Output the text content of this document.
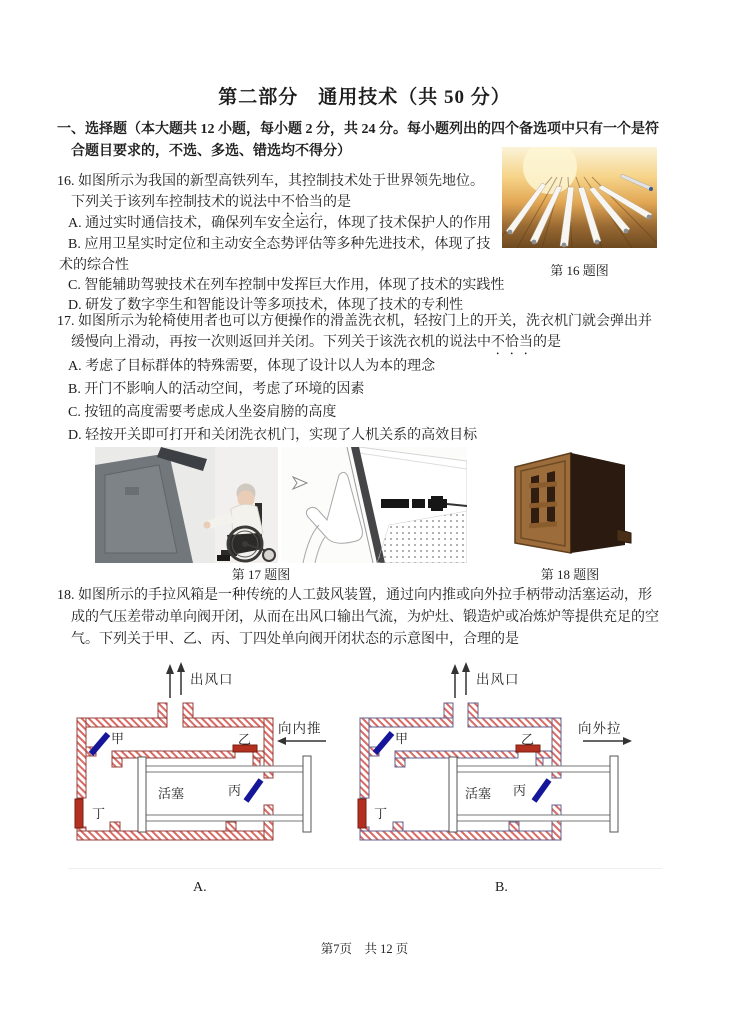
第二部分　通用技术（共 50 分）
一、选择题（本大题共 12 小题，每小题 2 分，共 24 分。每小题列出的四个备选项中只有一个是符
合题目要求的，不选、多选、错选均不得分）
16. 如图所示为我国的新型高铁列车，其控制技术处于世界领先地位。
下列关于该列车控制技术的说法中不恰当的是
A. 通过实时通信技术，确保列车安全运行，体现了技术保护人的作用
B. 应用卫星实时定位和主动安全态势评估等多种先进技术，体现了技
术的综合性
C. 智能辅助驾驶技术在列车控制中发挥巨大作用，体现了技术的实践性
D. 研发了数字孪生和智能设计等多项技术，体现了技术的专利性
第 16 题图
17. 如图所示为轮椅使用者也可以方便操作的滑盖洗衣机，轻按门上的开关，洗衣机门就会弹出并
缓慢向上滑动，再按一次则返回并关闭。下列关于该洗衣机的说法中不恰当的是
A. 考虑了目标群体的特殊需要，体现了设计以人为本的理念
B. 开门不影响人的活动空间，考虑了环境的因素
C. 按钮的高度需要考虑成人坐姿肩膀的高度
D. 轻按开关即可打开和关闭洗衣机门，实现了人机关系的高效目标
第 17 题图	第 18 题图
18. 如图所示的手拉风箱是一种传统的人工鼓风装置，通过向内推或向外拉手柄带动活塞运动，形
成的气压差带动单向阀开闭，从而在出风口输出气流，为炉灶、锻造炉或冶炼炉等提供充足的空
气。下列关于甲、乙、丙、丁四处单向阀开闭状态的示意图中，合理的是
出风口
向内推
甲	乙
丙
丁
活塞
出风口
向外拉
甲	乙
丙
丁
活塞
A.	B.
第7页　共 12 页
